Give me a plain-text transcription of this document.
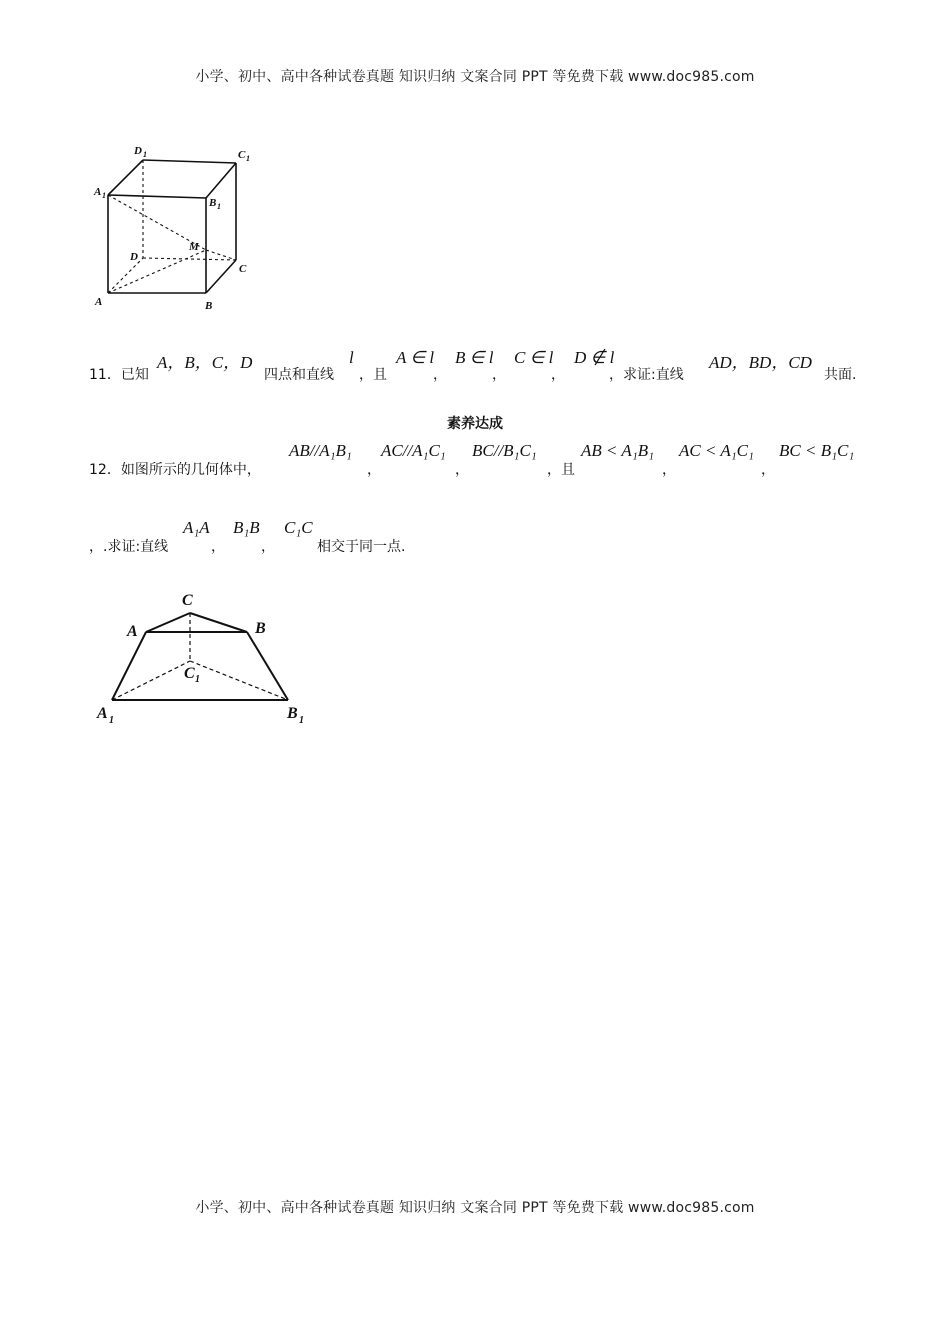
小学、初中、高中各种试卷真题 知识归纳 文案合同 PPT 等免费下载 www.doc985.com
D 1	C 1
A 1
B 1
M
D
C
A	B
11．已知
A，B，C，D
四点和直线
l
，且
A ∈ l
，
B ∈ l
，
C ∈ l
，
D ∉ l
，求证:直线
AD，BD，CD
共面.
素养达成
12．如图所示的几何体中，
AB//A₁B₁
，
AC//A₁C₁
，
BC//B₁C₁
，且
AB < A₁B₁
，
AC < A₁C₁
，
BC < B₁C₁
，.求证:直线
A₁A
，
B₁B
，
C₁C
相交于同一点.
C
A	B
C 1
A 1	B 1
小学、初中、高中各种试卷真题 知识归纳 文案合同 PPT 等免费下载 www.doc985.com
